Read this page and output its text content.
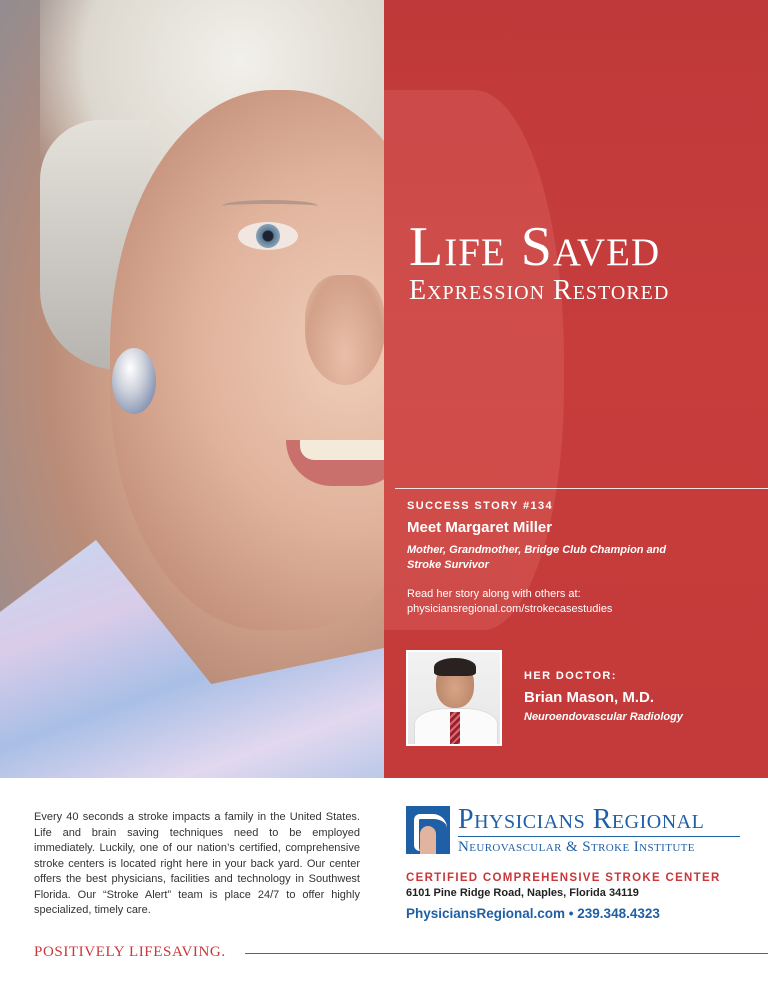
Life Saved
Expression Restored
SUCCESS STORY #134
Meet Margaret Miller
Mother, Grandmother, Bridge Club Champion and Stroke Survivor
Read her story along with others at:
physiciansregional.com/strokecasestudies
HER DOCTOR:
Brian Mason, M.D.
Neuroendovascular Radiology

Every 40 seconds a stroke impacts a family in the United States. Life and brain saving techniques need to be employed immediately. Luckily, one of our nation’s certified, comprehensive stroke centers is located right here in your back yard. Our center offers the best physicians, facilities and technology in Southwest Florida. Our “Stroke Alert” team is place 24/7 to offer highly specialized, timely care.

Physicians Regional
Neurovascular & Stroke Institute
CERTIFIED COMPREHENSIVE STROKE CENTER
6101 Pine Ridge Road, Naples, Florida 34119
PhysiciansRegional.com • 239.348.4323
POSITIVELY LIFESAVING.
